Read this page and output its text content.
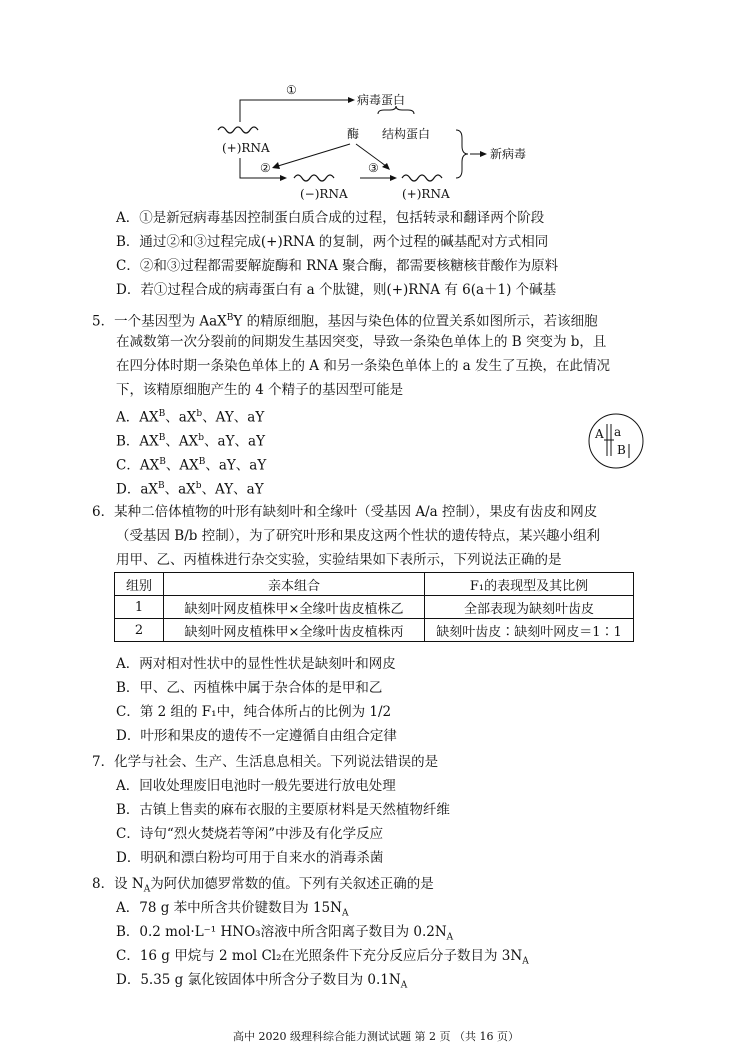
(+)RNA
①
病毒蛋白
酶 结构蛋白
②
(−)RNA
③
(+)RNA
新病毒
A．①是新冠病毒基因控制蛋白质合成的过程，包括转录和翻译两个阶段
B．通过②和③过程完成(+)RNA 的复制，两个过程的碱基配对方式相同
C．②和③过程都需要解旋酶和 RNA 聚合酶，都需要核糖核苷酸作为原料
D．若①过程合成的病毒蛋白有 a 个肽键，则(+)RNA 有 6(a＋1) 个碱基
5．一个基因型为 AaX$^B$Y 的精原细胞，基因与染色体的位置关系如图所示，若该细胞
在减数第一次分裂前的间期发生基因突变，导致一条染色单体上的 B 突变为 b，且
在四分体时期一条染色单体上的 A 和另一条染色单体上的 a 发生了互换，在此情况
下，该精原细胞产生的 4 个精子的基因型可能是
A．$AX^B$、$aX^b$、AY、aY
B．$AX^B$、$AX^b$、aY、aY
C．$AX^B$、$AX^B$、aY、aY
D．$aX^B$、$aX^b$、AY、aY
A a
B
6．某种二倍体植物的叶形有缺刻叶和全缘叶（受基因 A/a 控制），果皮有齿皮和网皮
（受基因 B/b 控制），为了研究叶形和果皮这两个性状的遗传特点，某兴趣小组利
用甲、乙、丙植株进行杂交实验，实验结果如下表所示，下列说法正确的是
组别	亲本组合	F₁的表现型及其比例
1	缺刻叶网皮植株甲×全缘叶齿皮植株乙	全部表现为缺刻叶齿皮
2	缺刻叶网皮植株甲×全缘叶齿皮植株丙	缺刻叶齿皮∶缺刻叶网皮＝1∶1
A．两对相对性状中的显性性状是缺刻叶和网皮
B．甲、乙、丙植株中属于杂合体的是甲和乙
C．第 2 组的 F₁中，纯合体所占的比例为 1/2
D．叶形和果皮的遗传不一定遵循自由组合定律
7．化学与社会、生产、生活息息相关。下列说法错误的是
A．回收处理废旧电池时一般先要进行放电处理
B．古镇上售卖的麻布衣服的主要原材料是天然植物纤维
C．诗句“烈火焚烧若等闲”中涉及有化学反应
D．明矾和漂白粉均可用于自来水的消毒杀菌
8．设 $N_A$为阿伏加德罗常数的值。下列有关叙述正确的是
A．78 g 苯中所含共价键数目为 $15N_A$
B．0.2 mol·L⁻¹ HNO₃溶液中所含阳离子数目为 $0.2N_A$
C．16 g 甲烷与 2 mol Cl₂在光照条件下充分反应后分子数目为 $3N_A$
D．5.35 g 氯化铵固体中所含分子数目为 $0.1N_A$
高中 2020 级理科综合能力测试试题 第 2 页 （共 16 页）
